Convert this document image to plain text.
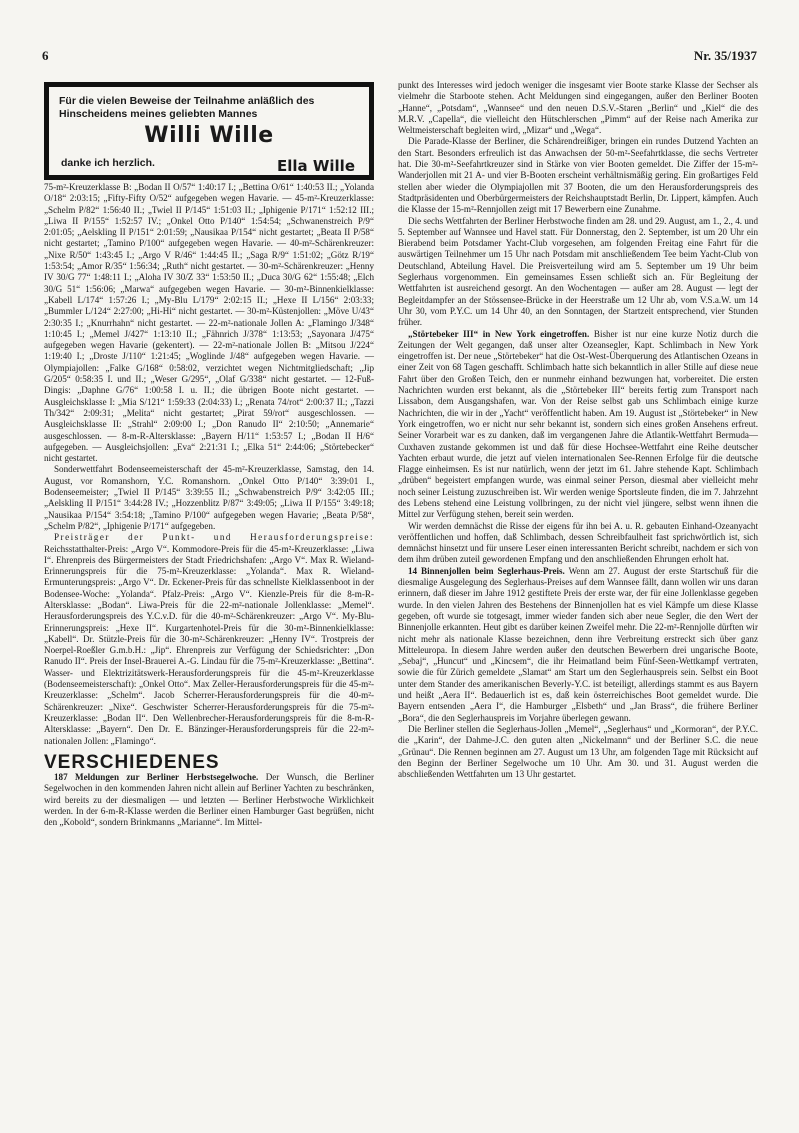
6	Nr. 35/1937
Für die vielen Beweise der Teilnahme anläßlich des Hinscheidens meines geliebten Mannes
Willi Wille
danke ich herzlich.	Ella Wille

75-m²-Kreuzerklasse B: „Bodan II O/57“ 1:40:17 I.; „Bettina O/61“ 1:40:53 II.; „Yolanda O/18“ 2:03:15; „Fifty-Fifty O/52“ aufgegeben wegen Havarie. — 45-m²-Kreuzerklasse: „Schelm P/82“ 1:56:40 II.; „Twiel II P/145“ 1:51:03 II.; „Iphigenie P/171“ 1:52:12 III.; „Liwa II P/155“ 1:52:57 IV.; „Onkel Otto P/140“ 1:54:54; „Schwanenstreich P/9“ 2:01:05; „Aelskling II P/151“ 2:01:59; „Nausikaa P/154“ nicht gestartet; „Beata II P/58“ nicht gestartet; „Tamino P/100“ aufgegeben wegen Havarie. — 40-m²-Schärenkreuzer: „Nixe R/50“ 1:43:45 I.; „Argo V R/46“ 1:44:45 II.; „Saga R/9“ 1:51:02; „Götz R/19“ 1:53:54; „Amor R/35“ 1:56:34; „Ruth“ nicht gestartet. — 30-m²-Schärenkreuzer: „Henny IV 30/G 77“ 1:48:11 I.; „Aloha IV 30/Z 33“ 1:53:50 II.; „Duca 30/G 62“ 1:55:48; „Elch 30/G 51“ 1:56:06; „Marwa“ aufgegeben wegen Havarie. — 30-m²-Binnenkielklasse: „Kabell L/174“ 1:57:26 I.; „My-Blu L/179“ 2:02:15 II.; „Hexe II L/156“ 2:03:33; „Bummler L/124“ 2:27:00; „Hi-Hi“ nicht gestartet. — 30-m²-Küstenjollen: „Möve U/43“ 2:30:35 I.; „Knurrhahn“ nicht gestartet. — 22-m²-nationale Jollen A: „Flamingo J/348“ 1:10:45 I.; „Memel J/427“ 1:13:10 II.; „Fähnrich J/378“ 1:13:53; „Sayonara J/475“ aufgegeben wegen Havarie (gekentert). — 22-m²-nationale Jollen B: „Mitsou J/224“ 1:19:40 I.; „Droste J/110“ 1:21:45; „Woglinde J/48“ aufgegeben wegen Havarie. — Olympiajollen: „Falke G/168“ 0:58:02, verzichtet wegen Nichtmitgliedschaft; „Jip G/205“ 0:58:35 I. und II.; „Weser G/295“, „Olaf G/338“ nicht gestartet. — 12-Fuß-Dingis: „Daphne G/76“ 1:00:58 I. u. II.; die übrigen Boote nicht gestartet. — Ausgleichsklasse I: „Mia S/121“ 1:59:33 (2:04:33) I.; „Renata 74/rot“ 2:00:37 II.; „Tazzi Th/342“ 2:09:31; „Melita“ nicht gestartet; „Pirat 59/rot“ ausgeschlossen. — Ausgleichsklasse II: „Strahl“ 2:09:00 I.; „Don Ranudo II“ 2:10:50; „Annemarie“ ausgeschlossen. — 8-m-R-Altersklasse: „Bayern H/11“ 1:53:57 I.; „Bodan II H/6“ aufgegeben. — Ausgleichsjollen: „Eva“ 2:21:31 I.; „Elka 51“ 2:44:06; „Störtebecker“ nicht gestartet.

Sonderwettfahrt Bodenseemeisterschaft der 45-m²-Kreuzerklasse, Samstag, den 14. August, vor Romanshorn, Y.C. Romanshorn. „Onkel Otto P/140“ 3:39:01 I., Bodenseemeister; „Twiel II P/145“ 3:39:55 II.; „Schwabenstreich P/9“ 3:42:05 III.; „Aelskling II P/151“ 3:44:28 IV.; „Hozzenblitz P/87“ 3:49:05; „Liwa II P/155“ 3:49:18; „Nausikaa P/154“ 3:54:18; „Tamino P/100“ aufgegeben wegen Havarie; „Beata P/58“, „Schelm P/82“, „Iphigenie P/171“ aufgegeben.

Preisträger der Punkt- und Herausforderungspreise: Reichsstatthalter-Preis: „Argo V“. Kommodore-Preis für die 45-m²-Kreuzerklasse: „Liwa I“. Ehrenpreis des Bürgermeisters der Stadt Friedrichshafen: „Argo V“. Max R. Wieland-Erinnerungspreis für die 75-m²-Kreuzerklasse: „Yolanda“. Max R. Wieland-Ermunterungspreis: „Argo V“. Dr. Eckener-Preis für das schnellste Kielklassenboot in der Bodensee-Woche: „Yolanda“. Pfalz-Preis: „Argo V“. Kienzle-Preis für die 8-m-R-Altersklasse: „Bodan“. Liwa-Preis für die 22-m²-nationale Jollenklasse: „Memel“. Herausforderungspreis des Y.C.v.D. für die 40-m²-Schärenkreuzer: „Argo V“. My-Blu-Erinnerungspreis: „Hexe II“. Kurgartenhotel-Preis für die 30-m²-Binnenkielklasse: „Kabell“. Dr. Stützle-Preis für die 30-m²-Schärenkreuzer: „Henny IV“. Trostpreis der Noerpel-Roeßler G.m.b.H.: „Jip“. Ehrenpreis zur Verfügung der Schiedsrichter: „Don Ranudo II“. Preis der Insel-Brauerei A.-G. Lindau für die 75-m²-Kreuzerklasse: „Bettina“. Wasser- und Elektrizitätswerk-Herausforderungspreis für die 45-m²-Kreuzerklasse (Bodenseemeisterschaft): „Onkel Otto“. Max Zeller-Herausforderungspreis für die 45-m²-Kreuzerklasse: „Schelm“. Jacob Scherrer-Herausforderungspreis für die 40-m²-Schärenkreuzer: „Nixe“. Geschwister Scherrer-Herausforderungspreis für die 75-m²-Kreuzerklasse: „Bodan II“. Den Wellenbrecher-Herausforderungspreis für die 8-m-R-Altersklasse: „Bayern“. Den Dr. E. Bänzinger-Herausforderungspreis für die 22-m²-nationalen Jollen: „Flamingo“.

VERSCHIEDENES

187 Meldungen zur Berliner Herbstsegelwoche. Der Wunsch, die Berliner Segelwochen in den kommenden Jahren nicht allein auf Berliner Yachten zu beschränken, wird bereits zu der diesmaligen — und letzten — Berliner Herbstwoche Wirklichkeit werden. In der 6-m-R-Klasse werden die Berliner einen Hamburger Gast begrüßen, nicht den „Kobold“, sondern Brinkmanns „Marianne“. Im Mittel-

punkt des Interesses wird jedoch weniger die insgesamt vier Boote starke Klasse der Sechser als vielmehr die Starboote stehen. Acht Meldungen sind eingegangen, außer den Berliner Booten „Hanne“, „Potsdam“, „Wannsee“ und den neuen D.S.V.-Staren „Berlin“ und „Kiel“ die des M.R.V. „Capella“, die vielleicht den Hütschlerschen „Pimm“ auf der Reise nach Amerika zur Weltmeisterschaft begleiten wird, „Mizar“ und „Wega“.

Die Parade-Klasse der Berliner, die Schärendreißiger, bringen ein rundes Dutzend Yachten an den Start. Besonders erfreulich ist das Anwachsen der 50-m²-Seefahrtklasse, die sechs Vertreter hat. Die 30-m²-Seefahrtkreuzer sind in Stärke von vier Booten gemeldet. Die Ziffer der 15-m²-Wanderjollen mit 21 A- und vier B-Booten erscheint verhältnismäßig gering. Ein großartiges Feld stellen aber wieder die Olympiajollen mit 37 Booten, die um den Herausforderungspreis des Stadtpräsidenten und Oberbürgermeisters der Reichshauptstadt Berlin, Dr. Lippert, kämpfen. Auch die Klasse der 15-m²-Rennjollen zeigt mit 17 Bewerbern eine Zunahme.

Die sechs Wettfahrten der Berliner Herbstwoche finden am 28. und 29. August, am 1., 2., 4. und 5. September auf Wannsee und Havel statt. Für Donnerstag, den 2. September, ist um 20 Uhr ein Bierabend beim Potsdamer Yacht-Club vorgesehen, am folgenden Freitag eine Fahrt für die auswärtigen Teilnehmer um 15 Uhr nach Potsdam mit anschließendem Tee beim Yacht-Club von Deutschland, Abteilung Havel. Die Preisverteilung wird am 5. September um 19 Uhr beim Seglerhaus vorgenommen. Ein gemeinsames Essen schließt sich an. Für Begleitung der Wettfahrten ist ausreichend gesorgt. An den Wochentagen — außer am 28. August — legt der Begleitdampfer an der Stössensee-Brücke in der Heerstraße um 12 Uhr ab, vom V.S.a.W. um 14 Uhr 30, vom P.Y.C. um 14 Uhr 40, an den Sonntagen, der Startzeit entsprechend, vier Stunden früher.

„Störtebeker III“ in New York eingetroffen. Bisher ist nur eine kurze Notiz durch die Zeitungen der Welt gegangen, daß unser alter Ozeansegler, Kapt. Schlimbach in New York eingetroffen ist. Der neue „Störtebeker“ hat die Ost-West-Überquerung des Atlantischen Ozeans in einer Zeit von 68 Tagen geschafft. Schlimbach hatte sich bekanntlich in aller Stille auf diese neue Fahrt über den Großen Teich, den er nunmehr einhand bezwungen hat, vorbereitet. Die ersten Nachrichten wurden erst bekannt, als die „Störtebeker III“ bereits fertig zum Transport nach Lissabon, dem Ausgangshafen, war. Von der Reise selbst gab uns Schlimbach einige kurze Nachrichten, die wir in der „Yacht“ veröffentlicht haben. Am 19. August ist „Störtebeker“ in New York eingetroffen, wo er nicht nur sehr bekannt ist, sondern sich eines großen Ansehens erfreut. Seiner Vorarbeit war es zu danken, daß im vergangenen Jahre die Atlantik-Wettfahrt Bermuda—Cuxhaven zustande gekommen ist und daß für diese Hochsee-Wettfahrt eine Reihe deutscher Yachten erbaut wurde, die jetzt auf vielen internationalen See-Rennen Erfolge für die deutsche Flagge einheimsen. Es ist nur natürlich, wenn der jetzt im 61. Jahre stehende Kapt. Schlimbach „drüben“ begeistert empfangen wurde, was einmal seiner Person, diesmal aber vielleicht mehr noch seiner Leistung zuzuschreiben ist. Wir werden wenige Sportsleute finden, die im 7. Jahrzehnt des Lebens stehend eine Leistung vollbringen, zu der nicht viel jüngere, selbst wenn ihnen die Mittel zur Verfügung stehen, bereit sein werden.

Wir werden demnächst die Risse der eigens für ihn bei A. u. R. gebauten Einhand-Ozeanyacht veröffentlichen und hoffen, daß Schlimbach, dessen Schreibfaulheit fast sprichwörtlich ist, sich demnächst hinsetzt und für unsere Leser einen interessanten Bericht schreibt, nachdem er sich von dem ihm drüben zuteil gewordenen Empfang und den anschließenden Ehrungen erholt hat.

14 Binnenjollen beim Seglerhaus-Preis. Wenn am 27. August der erste Startschuß für die diesmalige Ausgelegung des Seglerhaus-Preises auf dem Wannsee fällt, dann wollen wir uns daran erinnern, daß dieser im Jahre 1912 gestiftete Preis der erste war, der für eine Jollenklasse gegeben wurde. In den vielen Jahren des Bestehens der Binnenjollen hat es viel Kämpfe um diese Klasse gegeben, oft wurde sie totgesagt, immer wieder fanden sich aber neue Segler, die den Wert der Binnenjolle erkannten. Heut gibt es darüber keinen Zweifel mehr. Die 22-m²-Rennjolle dürften wir nicht mehr als nationale Klasse bezeichnen, denn ihre Verbreitung erstreckt sich über ganz Mitteleuropa. In diesem Jahre werden außer den deutschen Bewerbern drei ungarische Boote, „Sebaj“, „Huncut“ und „Kincsem“, die ihr Heimatland beim Fünf-Seen-Wettkampf vertraten, sowie die für Zürich gemeldete „Slamat“ am Start um den Seglerhauspreis sein. Selbst ein Boot unter dem Stander des amerikanischen Beverly-Y.C. ist beteiligt, allerdings stammt es aus Bayern und heißt „Aera II“. Bedauerlich ist es, daß kein österreichisches Boot gemeldet wurde. Die Bayern entsenden „Aera I“, die Hamburger „Elsbeth“ und „Jan Brass“, die frühere Berliner „Bora“, die den Seglerhauspreis im Vorjahre überlegen gewann.

Die Berliner stellen die Seglerhaus-Jollen „Memel“, „Seglerhaus“ und „Kormoran“, der P.Y.C. die „Karin“, der Dahme-J.C. den guten alten „Nickelmann“ und der Berliner S.C. die neue „Grünau“. Die Rennen beginnen am 27. August um 13 Uhr, am folgenden Tage mit Rücksicht auf den Beginn der Berliner Segelwoche um 10 Uhr. Am 30. und 31. August werden die abschließenden Wettfahrten um 13 Uhr gestartet.
